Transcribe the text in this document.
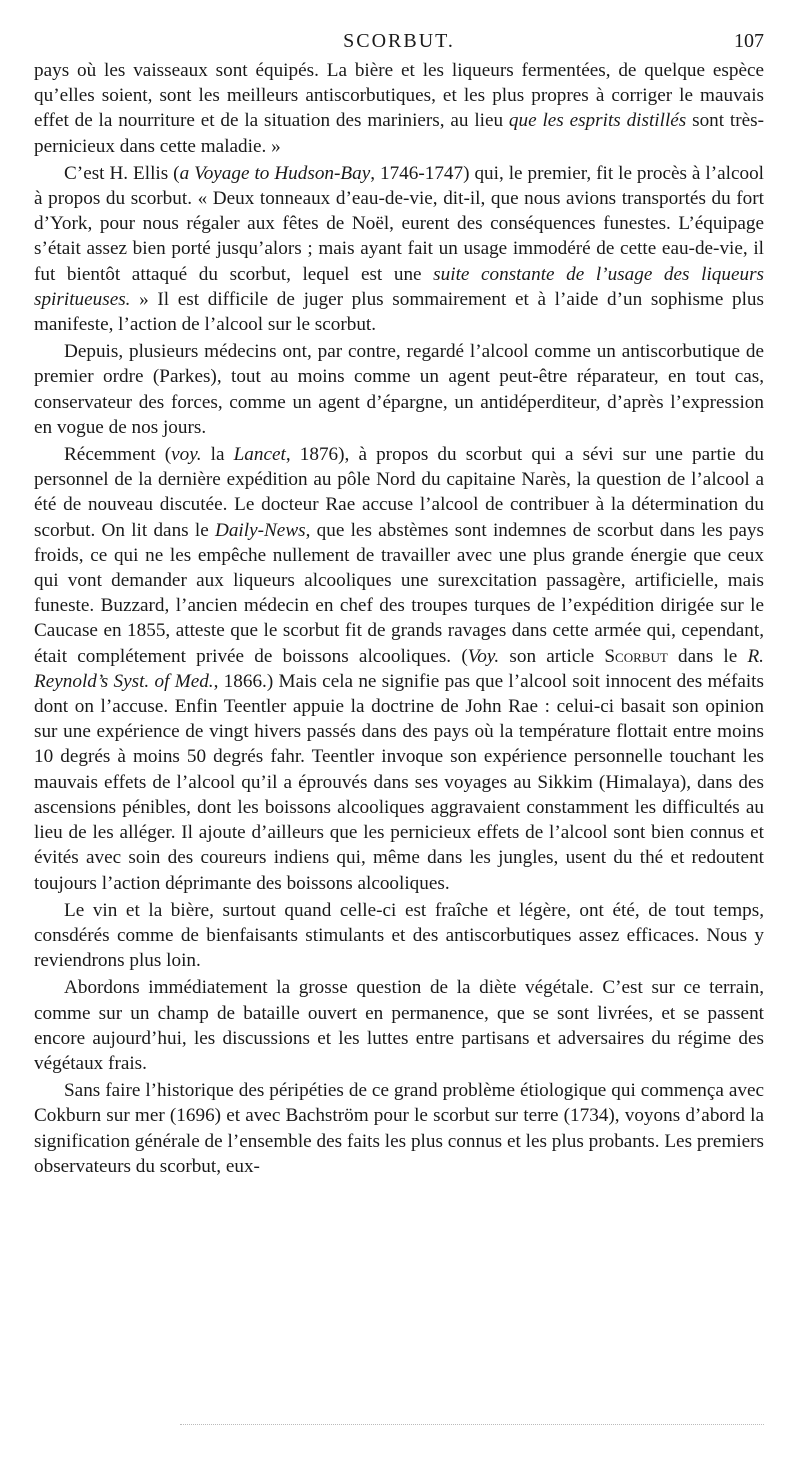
SCORBUT.	107

pays où les vaisseaux sont équipés. La bière et les liqueurs fermentées, de quelque espèce qu’elles soient, sont les meilleurs antiscorbutiques, et les plus propres à corriger le mauvais effet de la nourriture et de la situation des mariniers, au lieu que les esprits distillés sont très-pernicieux dans cette maladie. »

C’est H. Ellis (a Voyage to Hudson-Bay, 1746-1747) qui, le premier, fit le procès à l’alcool à propos du scorbut. « Deux tonneaux d’eau-de-vie, dit-il, que nous avions transportés du fort d’York, pour nous régaler aux fêtes de Noël, eurent des conséquences funestes. L’équipage s’était assez bien porté jusqu’alors ; mais ayant fait un usage immodéré de cette eau-de-vie, il fut bientôt attaqué du scorbut, lequel est une suite constante de l’usage des liqueurs spiritueuses. » Il est difficile de juger plus sommairement et à l’aide d’un sophisme plus manifeste, l’action de l’alcool sur le scorbut.

Depuis, plusieurs médecins ont, par contre, regardé l’alcool comme un antiscorbutique de premier ordre (Parkes), tout au moins comme un agent peut-être réparateur, en tout cas, conservateur des forces, comme un agent d’épargne, un antidéperditeur, d’après l’expression en vogue de nos jours.

Récemment (voy. la Lancet, 1876), à propos du scorbut qui a sévi sur une partie du personnel de la dernière expédition au pôle Nord du capitaine Narès, la question de l’alcool a été de nouveau discutée. Le docteur Rae accuse l’alcool de contribuer à la détermination du scorbut. On lit dans le Daily-News, que les abstèmes sont indemnes de scorbut dans les pays froids, ce qui ne les empêche nullement de travailler avec une plus grande énergie que ceux qui vont demander aux liqueurs alcooliques une surexcitation passagère, artificielle, mais funeste. Buzzard, l’ancien médecin en chef des troupes turques de l’expédition dirigée sur le Caucase en 1855, atteste que le scorbut fit de grands ravages dans cette armée qui, cependant, était complétement privée de boissons alcooliques. (Voy. son article Scorbut dans le R. Reynold’s Syst. of Med., 1866.) Mais cela ne signifie pas que l’alcool soit innocent des méfaits dont on l’accuse. Enfin Teentler appuie la doctrine de John Rae : celui-ci basait son opinion sur une expérience de vingt hivers passés dans des pays où la température flottait entre moins 10 degrés à moins 50 degrés fahr. Teentler invoque son expérience personnelle touchant les mauvais effets de l’alcool qu’il a éprouvés dans ses voyages au Sikkim (Himalaya), dans des ascensions pénibles, dont les boissons alcooliques aggravaient constamment les difficultés au lieu de les alléger. Il ajoute d’ailleurs que les pernicieux effets de l’alcool sont bien connus et évités avec soin des coureurs indiens qui, même dans les jungles, usent du thé et redoutent toujours l’action déprimante des boissons alcooliques.

Le vin et la bière, surtout quand celle-ci est fraîche et légère, ont été, de tout temps, consdérés comme de bienfaisants stimulants et des antiscorbutiques assez efficaces. Nous y reviendrons plus loin.

Abordons immédiatement la grosse question de la diète végétale. C’est sur ce terrain, comme sur un champ de bataille ouvert en permanence, que se sont livrées, et se passent encore aujourd’hui, les discussions et les luttes entre partisans et adversaires du régime des végétaux frais.

Sans faire l’historique des péripéties de ce grand problème étiologique qui commença avec Cokburn sur mer (1696) et avec Bachström pour le scorbut sur terre (1734), voyons d’abord la signification générale de l’ensemble des faits les plus connus et les plus probants. Les premiers observateurs du scorbut, eux-
